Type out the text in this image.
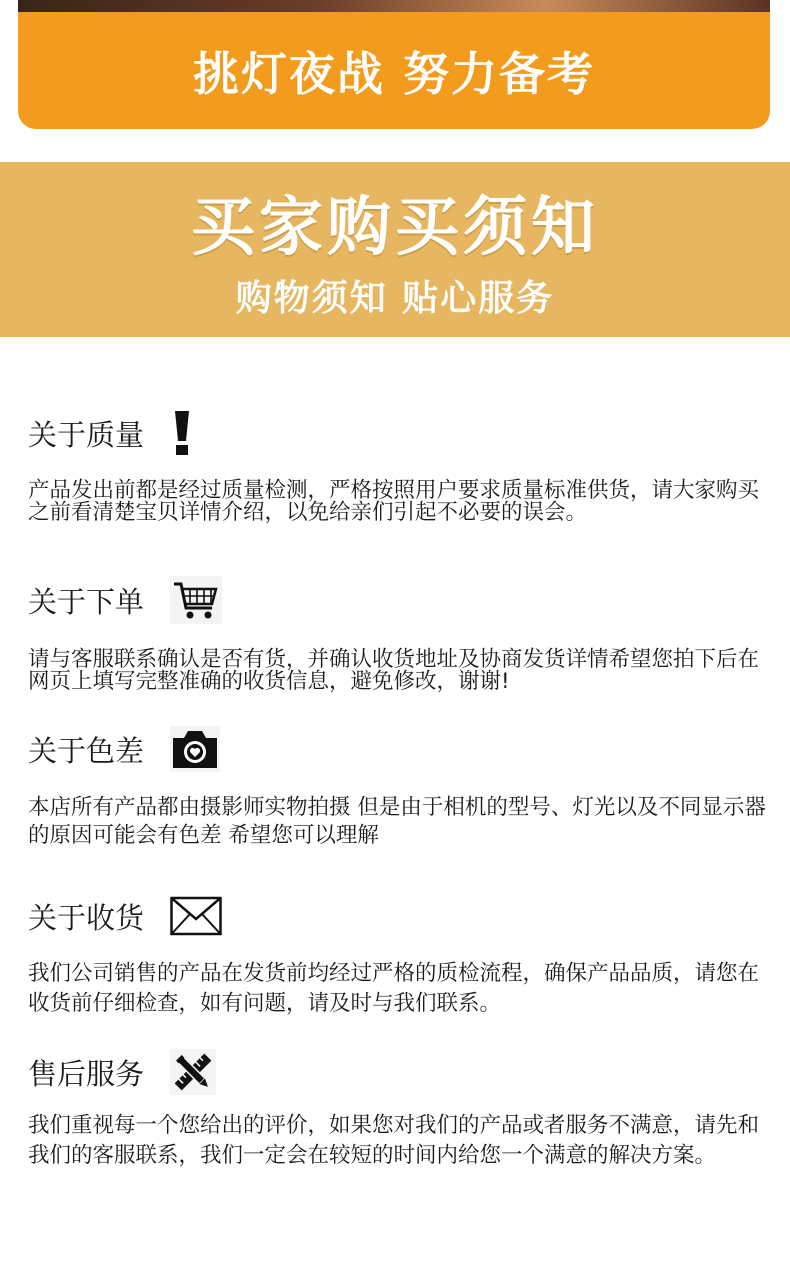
挑灯夜战 努力备考
买家购买须知
购物须知 贴心服务
关于质量
产品发出前都是经过质量检测，严格按照用户要求质量标准供货，请大家购买之前看清楚宝贝详情介绍，以免给亲们引起不必要的误会。
关于下单
请与客服联系确认是否有货，并确认收货地址及协商发货详情希望您拍下后在网页上填写完整准确的收货信息，避免修改，谢谢!
关于色差
本店所有产品都由摄影师实物拍摄 但是由于相机的型号、灯光以及不同显示器的原因可能会有色差 希望您可以理解
关于收货
我们公司销售的产品在发货前均经过严格的质检流程，确保产品品质，请您在收货前仔细检查，如有问题，请及时与我们联系。
售后服务
我们重视每一个您给出的评价，如果您对我们的产品或者服务不满意，请先和我们的客服联系，我们一定会在较短的时间内给您一个满意的解决方案。
